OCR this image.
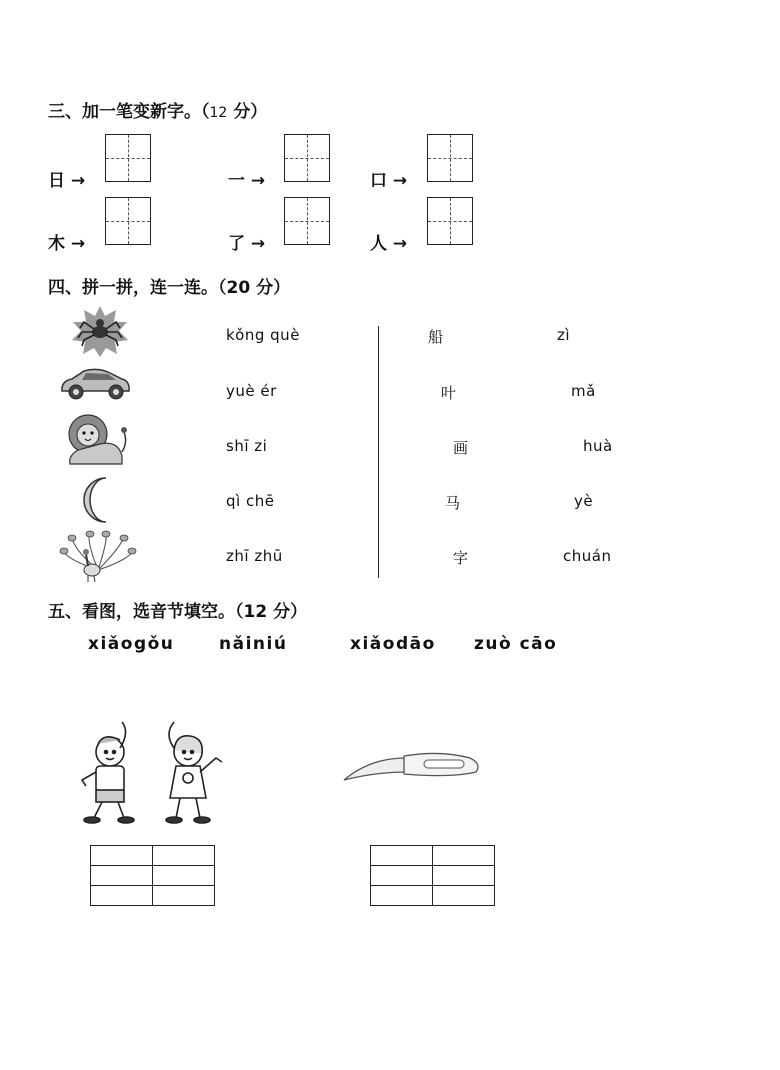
三、加一笔变新字。（12 分）
日 →	一 →	口 →
木 →	了 →	人 →
四、拼一拼，连一连。（20 分）
kǒng què
yuè ér
shī zi
qì chē
zhī zhū
船
叶
画
马
字
zì
mǎ
huà
yè
chuán
五、看图，选音节填空。（12 分）
xiǎogǒu	nǎiniú	xiǎodāo zuò cāo
